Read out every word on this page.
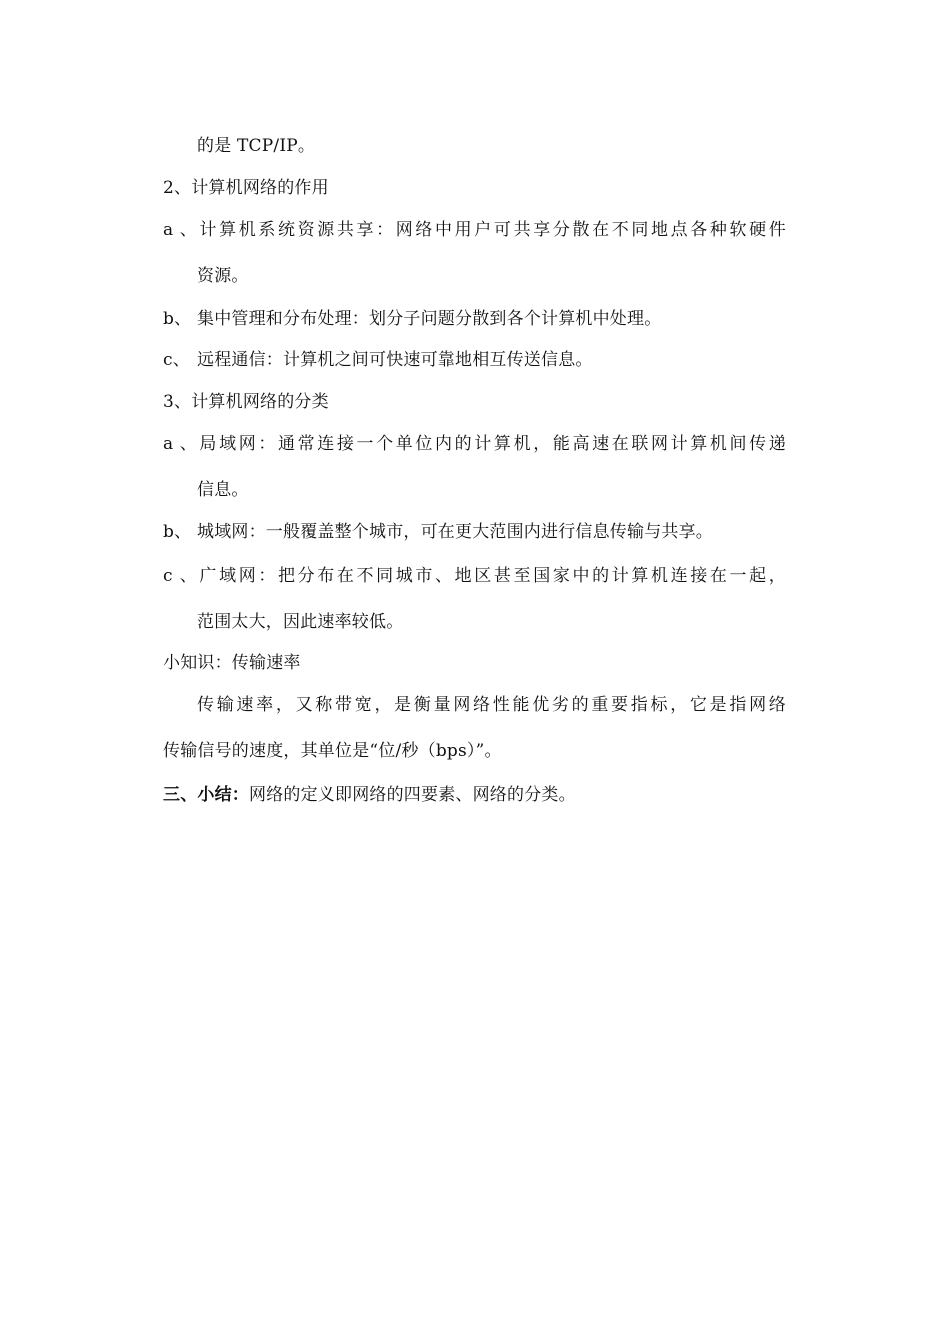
的是 TCP/IP。
2、计算机网络的作用
a、计算机系统资源共享：网络中用户可共享分散在不同地点各种软硬件
资源。
b、 集中管理和分布处理：划分子问题分散到各个计算机中处理。
c、 远程通信：计算机之间可快速可靠地相互传送信息。
3、计算机网络的分类
a、局域网：通常连接一个单位内的计算机，能高速在联网计算机间传递
信息。
b、 城域网：一般覆盖整个城市，可在更大范围内进行信息传输与共享。
c、广域网：把分布在不同城市、地区甚至国家中的计算机连接在一起，
范围太大，因此速率较低。
小知识：传输速率
传输速率，又称带宽，是衡量网络性能优劣的重要指标，它是指网络
传输信号的速度，其单位是“位/秒（bps）”。
三、小结：网络的定义即网络的四要素、网络的分类。
